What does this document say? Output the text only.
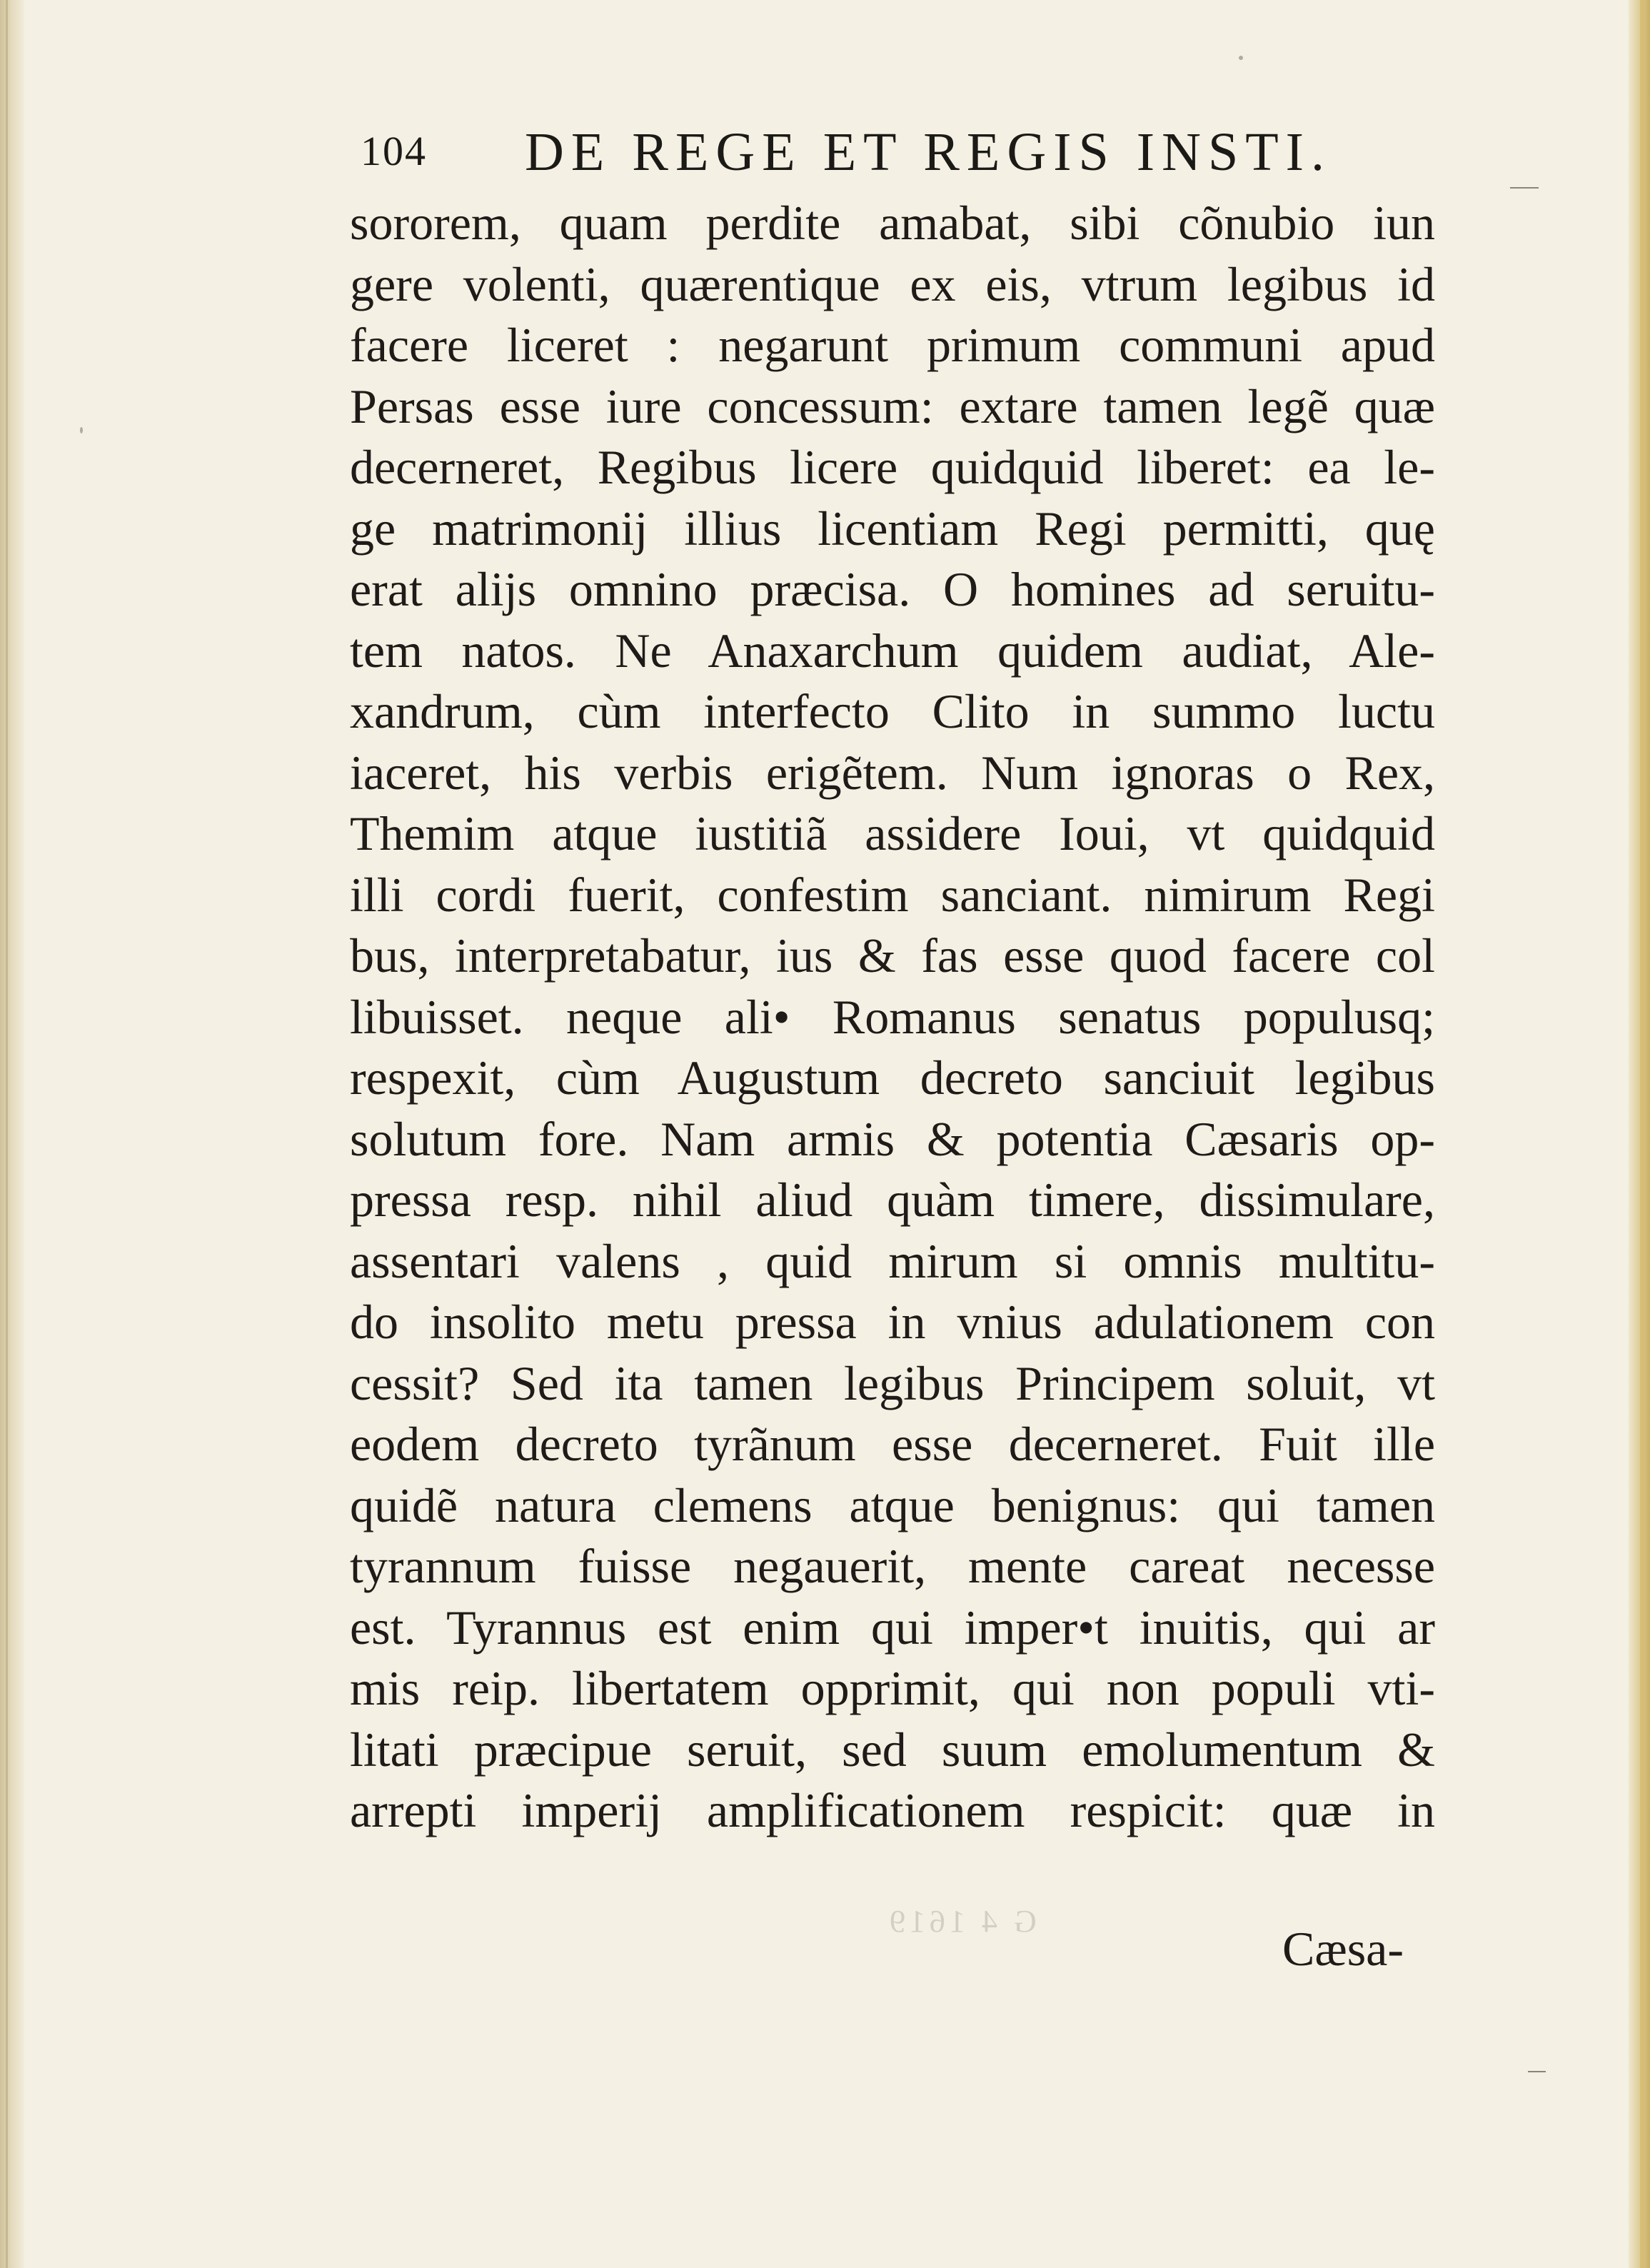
104 DE REGE ET REGIS INSTI.
G 4 1619
sororem, quam perdite amabat, sibi cõnubio iun
gere volenti, quærentique ex eis, vtrum legibus id
facere liceret : negarunt primum communi apud
Persas esse iure concessum: extare tamen legẽ quæ
decerneret, Regibus licere quidquid liberet: ea le-
ge matrimonij illius licentiam Regi permitti, quę
erat alijs omnino præcisa. O homines ad seruitu-
tem natos. Ne Anaxarchum quidem audiat, Ale-
xandrum, cùm interfecto Clito in summo luctu
iaceret, his verbis erigẽtem. Num ignoras o Rex,
Themim atque iustitiã assidere Ioui, vt quidquid
illi cordi fuerit, confestim sanciant. nimirum Regi
bus, interpretabatur, ius & fas esse quod facere col
libuisset. neque ali• Romanus senatus populusq;
respexit, cùm Augustum decreto sanciuit legibus
solutum fore. Nam armis & potentia Cæsaris op-
pressa resp. nihil aliud quàm timere, dissimulare,
assentari valens , quid mirum si omnis multitu-
do insolito metu pressa in vnius adulationem con
cessit? Sed ita tamen legibus Principem soluit, vt
eodem decreto tyrãnum esse decerneret. Fuit ille
quidẽ natura clemens atque benignus: qui tamen
tyrannum fuisse negauerit, mente careat necesse
est. Tyrannus est enim qui imper•t inuitis, qui ar
mis reip. libertatem opprimit, qui non populi vti-
litati præcipue seruit, sed suum emolumentum &
arrepti imperij amplificationem respicit: quæ in
Cæsa-
